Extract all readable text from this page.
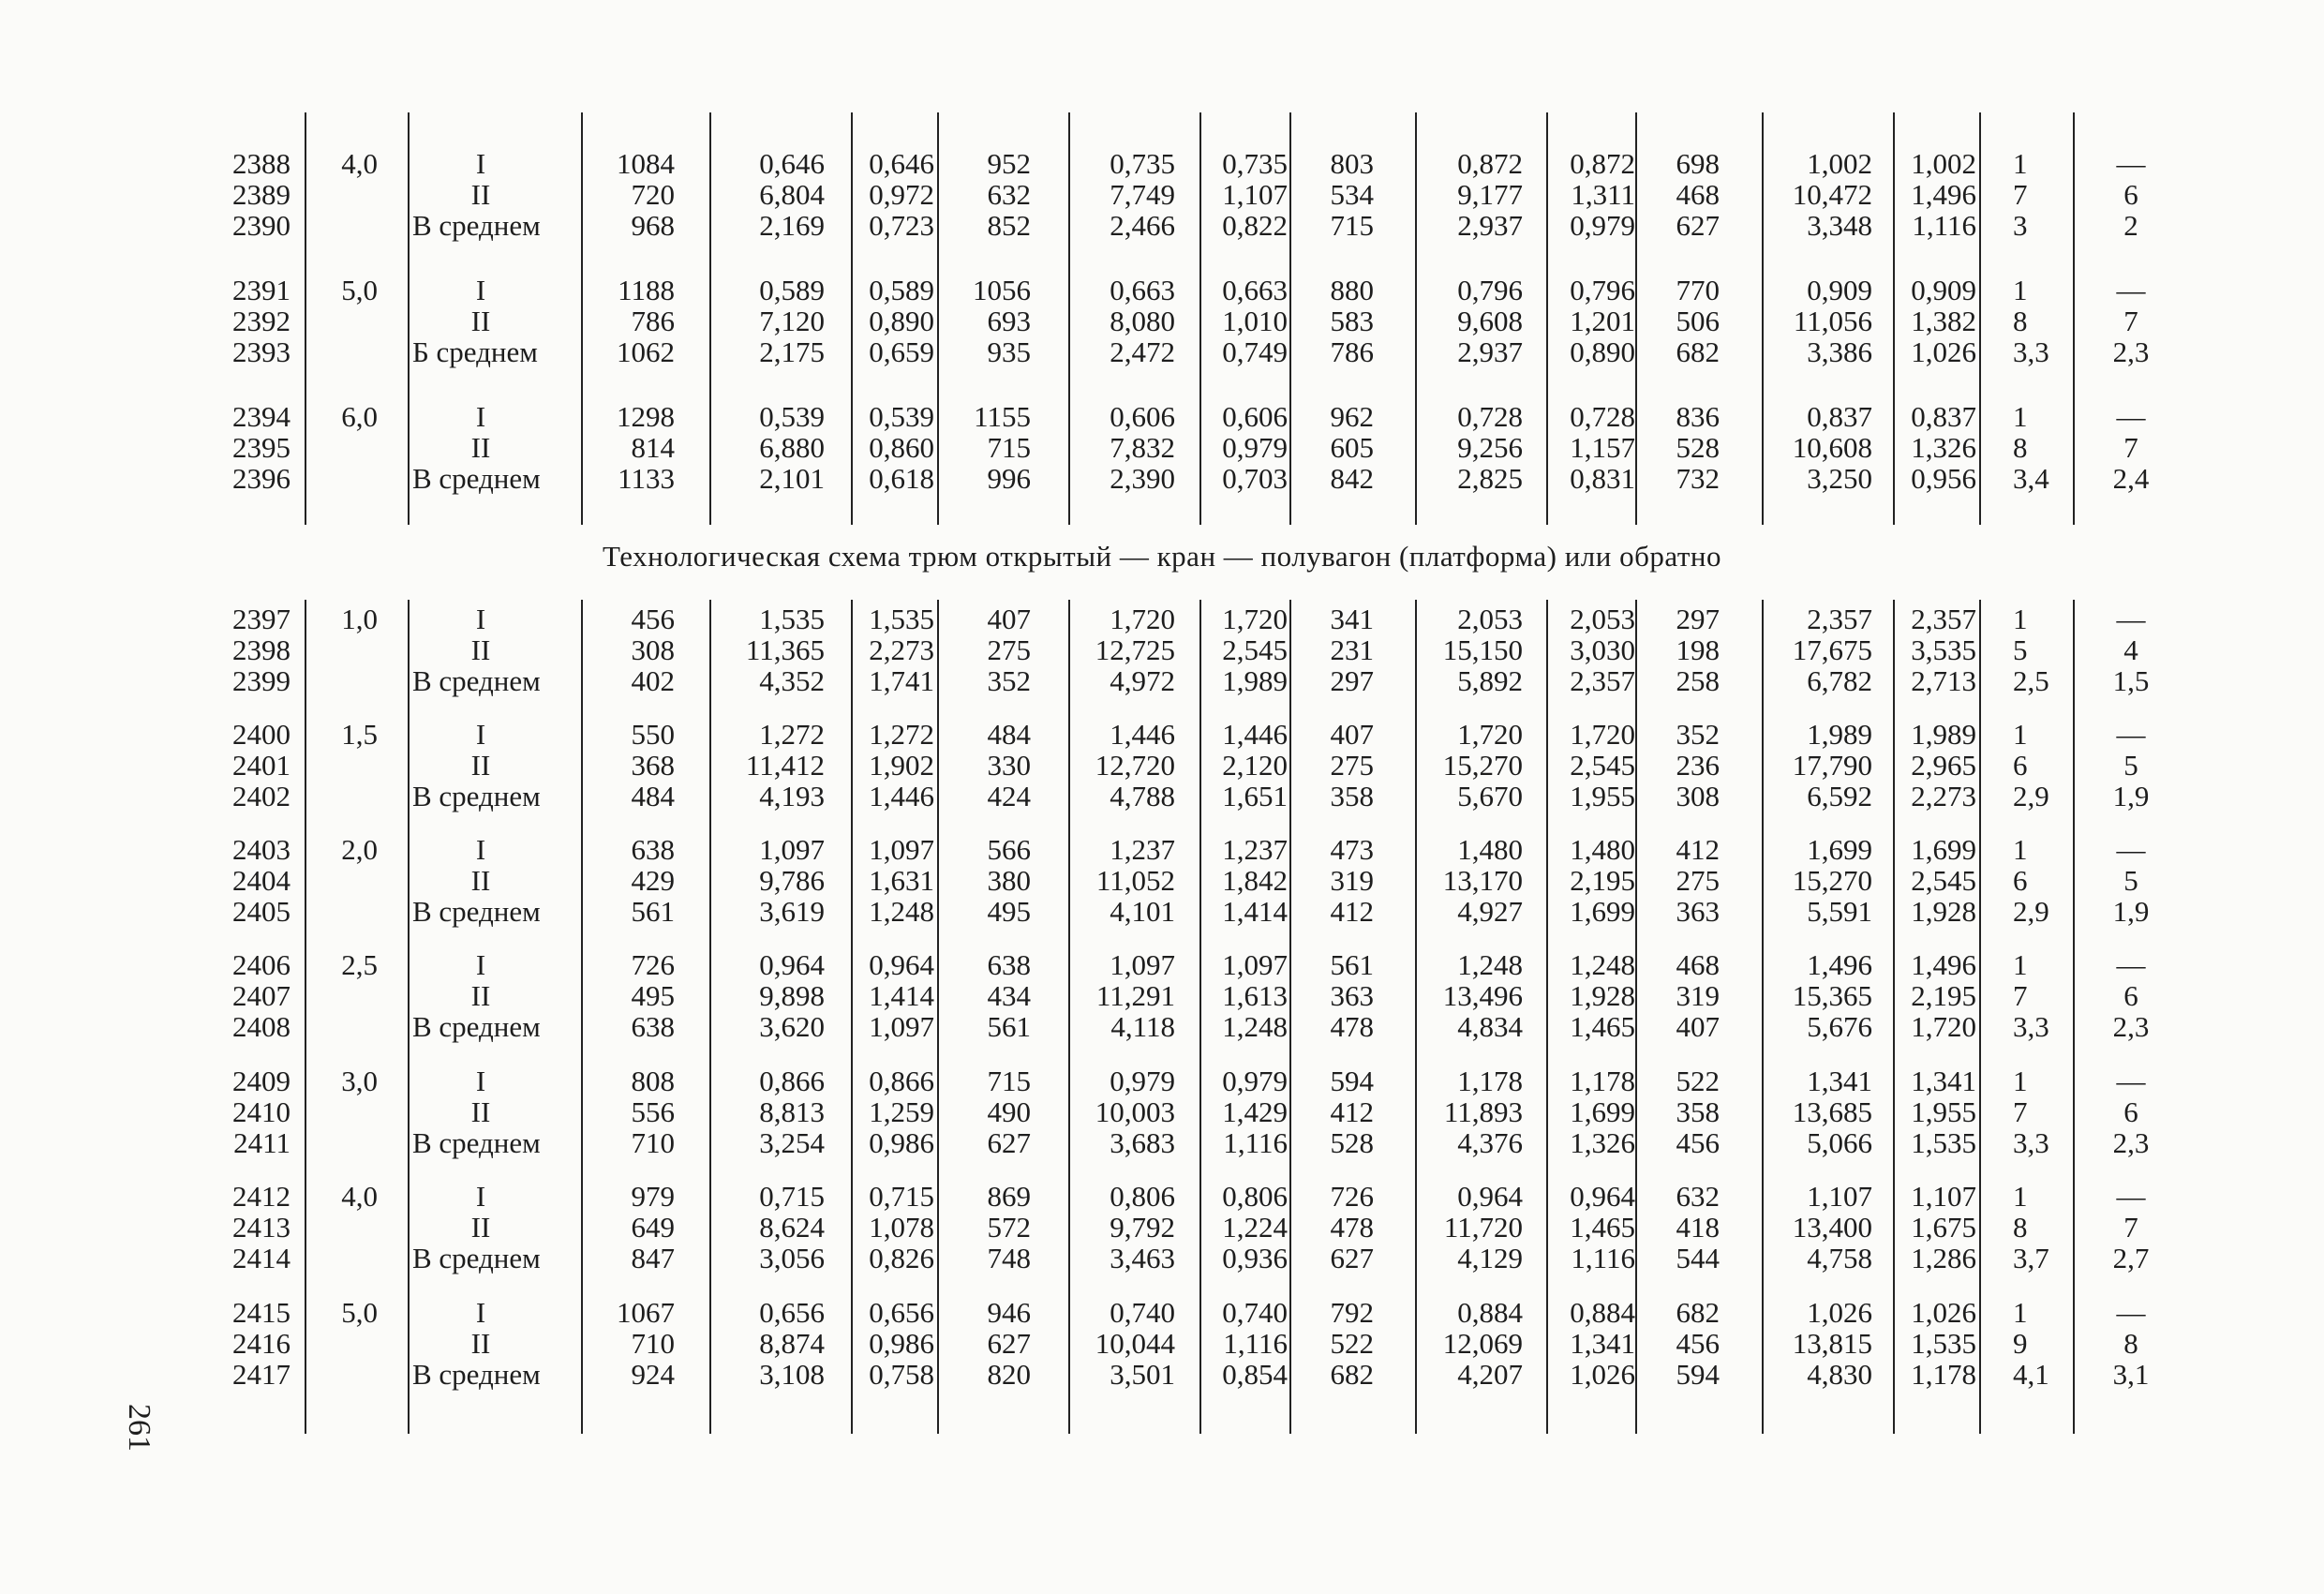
2388 4,0	I	1084	0,646 0,646 952	0,735 0,735 803	0,872 0,872 698	1,002 1,002 1	—
2389	II	720	6,804 0,972 632	7,749 1,107 534	9,177 1,311 468	10,472 1,496 7	6
2390	В среднем	968	2,169 0,723 852	2,466 0,822 715	2,937 0,979 627	3,348 1,116 3	2
2391 5,0	I	1188	0,589 0,589 1056	0,663 0,663 880	0,796 0,796 770	0,909 0,909 1	—
2392	II	786	7,120 0,890 693	8,080 1,010 583	9,608 1,201 506	11,056 1,382 8	7
2393	Б среднем	1062	2,175 0,659 935	2,472 0,749 786	2,937 0,890 682	3,386 1,026 3,3	2,3
2394 6,0	I	1298	0,539 0,539 1155	0,606 0,606 962	0,728 0,728 836	0,837 0,837 1	—
2395	II	814	6,880 0,860 715	7,832 0,979 605	9,256 1,157 528	10,608 1,326 8	7
2396	В среднем	1133	2,101 0,618 996	2,390 0,703 842	2,825 0,831 732	3,250 0,956 3,4	2,4
Технологическая схема трюм открытый — кран — полувагон (платформа) или обратно
2397 1,0	I	456	1,535 1,535 407	1,720 1,720 341	2,053 2,053 297	2,357 2,357 1	—
2398	II	308 11,365 2,273 275 12,725 2,545 231 15,150 3,030 198	17,675 3,535 5	4
2399	В среднем	402	4,352 1,741 352	4,972 1,989 297	5,892 2,357 258	6,782 2,713 2,5	1,5
2400 1,5	I	550	1,272 1,272 484	1,446 1,446 407	1,720 1,720 352	1,989 1,989 1	—
2401	II	368 11,412 1,902 330 12,720 2,120 275 15,270 2,545 236	17,790 2,965 6	5
2402	В среднем	484	4,193 1,446 424	4,788 1,651 358	5,670 1,955 308	6,592 2,273 2,9	1,9
2403 2,0	I	638	1,097 1,097 566	1,237 1,237 473	1,480 1,480 412	1,699 1,699 1	—
2404	II	429	9,786 1,631 380 11,052 1,842 319 13,170 2,195 275	15,270 2,545 6	5
2405	В среднем	561	3,619 1,248 495	4,101 1,414 412	4,927 1,699 363	5,591 1,928 2,9	1,9
2406 2,5	I	726	0,964 0,964 638	1,097 1,097 561	1,248 1,248 468	1,496 1,496 1	—
2407	II	495	9,898 1,414 434 11,291 1,613 363 13,496 1,928 319	15,365 2,195 7	6
2408	В среднем	638	3,620 1,097 561	4,118 1,248 478	4,834 1,465 407	5,676 1,720 3,3	2,3
2409 3,0	I	808	0,866 0,866 715	0,979 0,979 594	1,178 1,178 522	1,341 1,341 1	—
2410	II	556	8,813 1,259 490 10,003 1,429 412 11,893 1,699 358	13,685 1,955 7	6
2411	В среднем	710	3,254 0,986 627	3,683 1,116 528	4,376 1,326 456	5,066 1,535 3,3	2,3
2412 4,0	I	979	0,715 0,715 869	0,806 0,806 726	0,964 0,964 632	1,107 1,107 1	—
2413	II	649	8,624 1,078 572	9,792 1,224 478 11,720 1,465 418	13,400 1,675 8	7
2414	В среднем	847	3,056 0,826 748	3,463 0,936 627	4,129 1,116 544	4,758 1,286 3,7	2,7
2415 5,0	I	1067	0,656 0,656 946	0,740 0,740 792	0,884 0,884 682	1,026 1,026 1	—
2416	II	710	8,874 0,986 627 10,044 1,116 522 12,069 1,341 456	13,815 1,535 9	8
2417	В среднем	924	3,108 0,758 820	3,501 0,854 682	4,207 1,026 594	4,830 1,178 4,1	3,1
261
